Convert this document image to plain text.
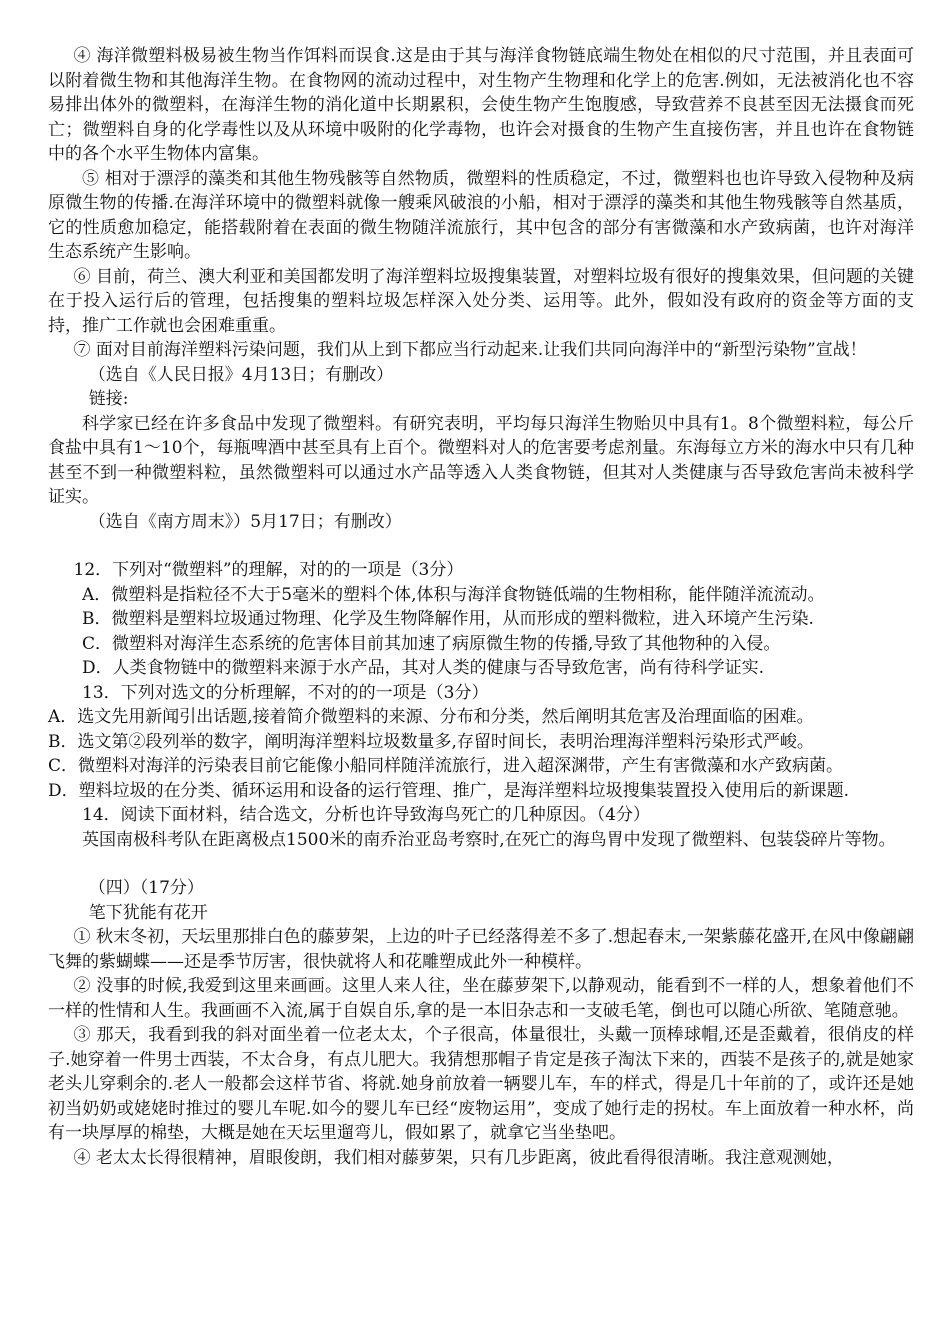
④ 海洋微塑料极易被生物当作饵料而误食.这是由于其与海洋食物链底端生物处在相似的尺寸范围，并且表面可以附着微生物和其他海洋生物。在食物网的流动过程中，对生物产生物理和化学上的危害.例如，无法被消化也不容易排出体外的微塑料，在海洋生物的消化道中长期累积，会使生物产生饱腹感，导致营养不良甚至因无法摄食而死亡；微塑料自身的化学毒性以及从环境中吸附的化学毒物，也许会对摄食的生物产生直接伤害，并且也许在食物链中的各个水平生物体内富集。

⑤ 相对于漂浮的藻类和其他生物残骸等自然物质，微塑料的性质稳定，不过，微塑料也也许导致入侵物种及病原微生物的传播.在海洋环境中的微塑料就像一艘乘风破浪的小船，相对于漂浮的藻类和其他生物残骸等自然基质，它的性质愈加稳定，能搭载附着在表面的微生物随洋流旅行，其中包含的部分有害微藻和水产致病菌，也许对海洋生态系统产生影响。

⑥ 目前，荷兰、澳大利亚和美国都发明了海洋塑料垃圾搜集装置，对塑料垃圾有很好的搜集效果，但问题的关键在于投入运行后的管理，包括搜集的塑料垃圾怎样深入处分类、运用等。此外，假如没有政府的资金等方面的支持，推广工作就也会困难重重。

⑦ 面对目前海洋塑料污染问题，我们从上到下都应当行动起来.让我们共同向海洋中的“新型污染物”宣战！

（选自《人民日报》4月13日；有删改）

链接:

科学家已经在许多食品中发现了微塑料。有研究表明，平均每只海洋生物贻贝中具有1。8个微塑料粒，每公斤食盐中具有1～10个，每瓶啤酒中甚至具有上百个。微塑料对人的危害要考虑剂量。东海每立方米的海水中只有几种甚至不到一种微塑料粒，虽然微塑料可以通过水产品等透入人类食物链，但其对人类健康与否导致危害尚未被科学证实。

（选自《南方周末》）5月17日；有删改）

12．下列对“微塑料”的理解，对的的一项是（3分）

A．微塑料是指粒径不大于5毫米的塑料个体,体积与海洋食物链低端的生物相称，能伴随洋流流动。

B．微塑料是塑料垃圾通过物理、化学及生物降解作用，从而形成的塑料微粒，进入环境产生污染.

C．微塑料对海洋生态系统的危害体目前其加速了病原微生物的传播,导致了其他物种的入侵。

D．人类食物链中的微塑料来源于水产品，其对人类的健康与否导致危害，尚有待科学证实.

13．下列对选文的分析理解，不对的的一项是（3分）

A．选文先用新闻引出话题,接着简介微塑料的来源、分布和分类，然后阐明其危害及治理面临的困难。

B．选文第②段列举的数字，阐明海洋塑料垃圾数量多,存留时间长，表明治理海洋塑料污染形式严峻。

C．微塑料对海洋的污染表目前它能像小船同样随洋流旅行，进入超深渊带，产生有害微藻和水产致病菌。

D．塑料垃圾的在分类、循环运用和设备的运行管理、推广，是海洋塑料垃圾搜集装置投入使用后的新课题.

14．阅读下面材料，结合选文，分析也许导致海鸟死亡的几种原因。（4分）

英国南极科考队在距离极点1500米的南乔治亚岛考察时,在死亡的海鸟胃中发现了微塑料、包装袋碎片等物。

（四）（17分）

笔下犹能有花开

① 秋末冬初，天坛里那排白色的藤萝架，上边的叶子已经落得差不多了.想起春末,一架紫藤花盛开,在风中像翩翩飞舞的紫蝴蝶——还是季节厉害，很快就将人和花雕塑成此外一种模样。

② 没事的时候,我爱到这里来画画。这里人来人往，坐在藤萝架下,以静观动，能看到不一样的人，想象着他们不一样的性情和人生。我画画不入流,属于自娱自乐,拿的是一本旧杂志和一支破毛笔，倒也可以随心所欲、笔随意驰。

③ 那天，我看到我的斜对面坐着一位老太太，个子很高，体量很壮，头戴一顶棒球帽,还是歪戴着，很俏皮的样子.她穿着一件男士西装，不太合身，有点儿肥大。我猜想那帽子肯定是孩子淘汰下来的，西装不是孩子的,就是她家老头儿穿剩余的.老人一般都会这样节省、将就.她身前放着一辆婴儿车，车的样式，得是几十年前的了，或许还是她初当奶奶或姥姥时推过的婴儿车呢.如今的婴儿车已经“废物运用”，变成了她行走的拐杖。车上面放着一种水杯，尚有一块厚厚的棉垫，大概是她在天坛里遛弯儿，假如累了，就拿它当坐垫吧。

④ 老太太长得很精神，眉眼俊朗，我们相对藤萝架，只有几步距离，彼此看得很清晰。我注意观测她，
